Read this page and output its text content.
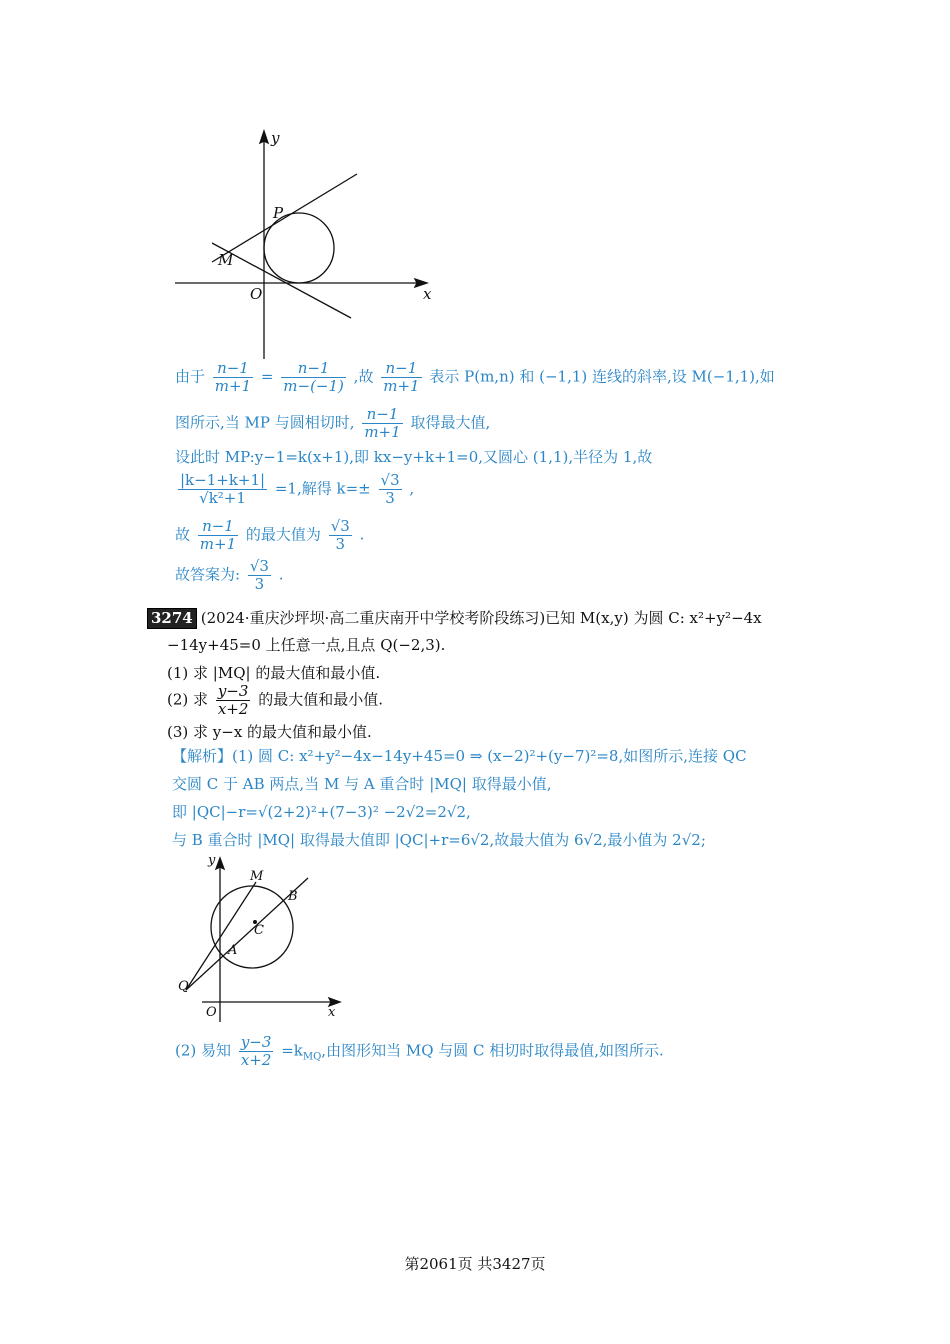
y
x
O
P
M
由于 $\frac{n-1}{m+1} = \frac{n-1}{m-(-1)}$ ,故 $\frac{n-1}{m+1}$ 表示 P(m,n) 和 (−1,1) 连线的斜率,设 M(−1,1),如
图所示,当 MP 与圆相切时, $\frac{n-1}{m+1}$ 取得最大值,
设此时 MP:y−1=k(x+1),即 kx−y+k+1=0,又圆心 (1,1),半径为 1,故
$\frac{|k-1+k+1|}{\text{√k²+1}} =1$,解得 $k=\pm \frac{√3}{3}$ ,
故 $\frac{n-1}{m+1}$ 的最大值为 $\frac{√3}{3}$ .
故答案为: $\frac{√3}{3}$ .
3274 (2024·重庆沙坪坝·高二重庆南开中学校考阶段练习)已知 M(x,y) 为圆 C: x²+y²−4x
−14y+45=0 上任意一点,且点 Q(−2,3).
(1) 求 |MQ| 的最大值和最小值.
(2) 求 $\frac{y-3}{x+2}$ 的最大值和最小值.
(3) 求 y−x 的最大值和最小值.
【解析】(1) 圆 C: x²+y²−4x−14y+45=0 ⇒ (x−2)²+(y−7)²=8,如图所示,连接 QC
交圆 C 于 AB 两点,当 M 与 A 重合时 |MQ| 取得最小值,
即 |QC|−r=√(2+2)²+(7−3)² −2√2=2√2,
与 B 重合时 |MQ| 取得最大值即 |QC|+r=6√2,故最大值为 6√2,最小值为 2√2;
y
x
O
M
B
C
A
Q
(2) 易知 $\frac{y-3}{x+2} =k_{MQ}$,由图形知当 MQ 与圆 C 相切时取得最值,如图所示.
第2061页 共3427页
